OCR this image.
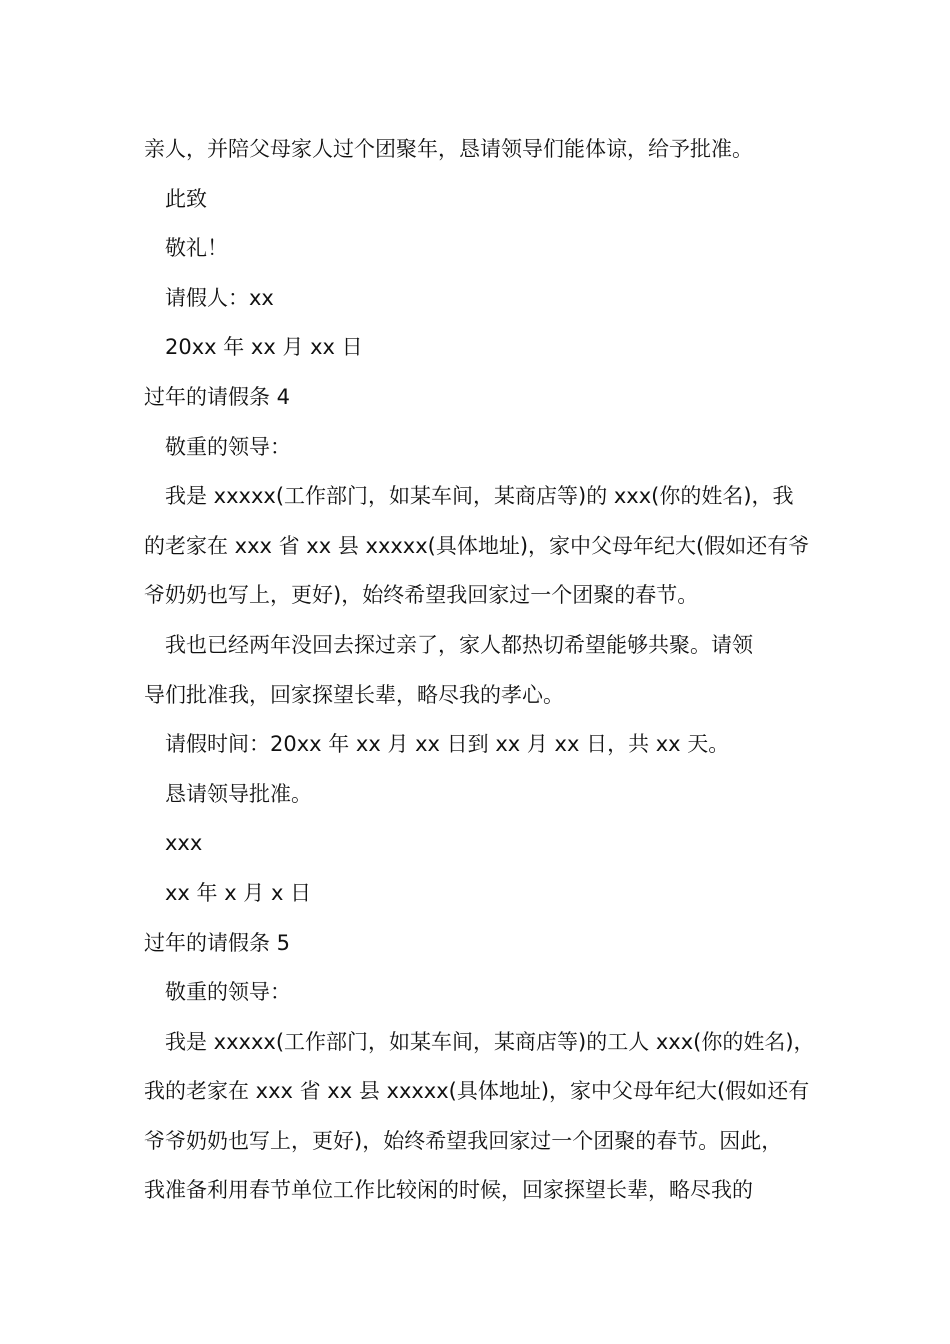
亲人，并陪父母家人过个团聚年，恳请领导们能体谅，给予批准。

此致

敬礼！

请假人：xx

20xx 年 xx 月 xx 日

过年的请假条 4

敬重的领导：

我是 xxxxx(工作部门，如某车间，某商店等)的 xxx(你的姓名)，我

的老家在 xxx 省 xx 县 xxxxx(具体地址)，家中父母年纪大(假如还有爷

爷奶奶也写上，更好)，始终希望我回家过一个团聚的春节。

我也已经两年没回去探过亲了，家人都热切希望能够共聚。请领

导们批准我，回家探望长辈，略尽我的孝心。

请假时间：20xx 年 xx 月 xx 日到 xx 月 xx 日，共 xx 天。

恳请领导批准。

xxx

xx 年 x 月 x 日

过年的请假条 5

敬重的领导：

我是 xxxxx(工作部门，如某车间，某商店等)的工人 xxx(你的姓名)，

我的老家在 xxx 省 xx 县 xxxxx(具体地址)，家中父母年纪大(假如还有

爷爷奶奶也写上，更好)，始终希望我回家过一个团聚的春节。因此，

我准备利用春节单位工作比较闲的时候，回家探望长辈，略尽我的
